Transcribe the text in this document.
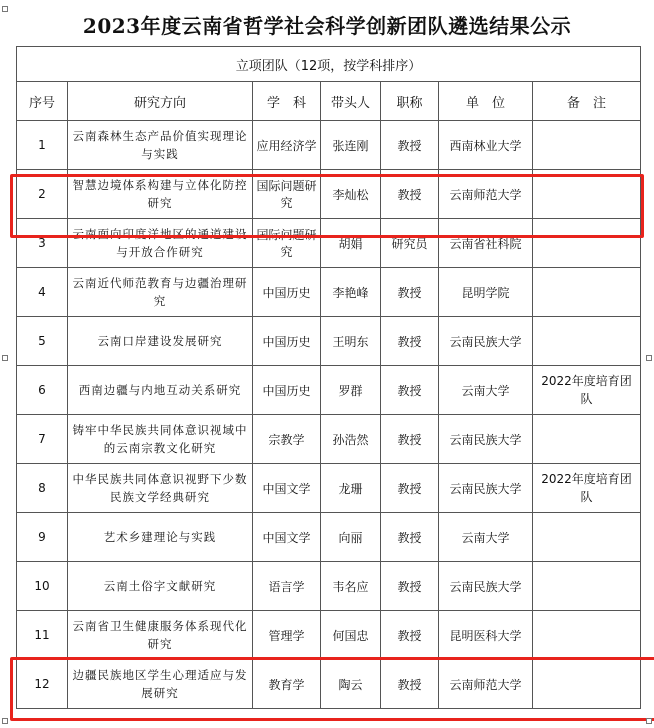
2023年度云南省哲学社会科学创新团队遴选结果公示
立项团队（12项，按学科排序）						
序号	研究方向	学　科	带头人	职称	单　位	备　注
1	云南森林生态产品价值实现理论与实践	应用经济学	张连刚	教授	西南林业大学	
2	智慧边境体系构建与立体化防控研究	国际问题研究	李灿松	教授	云南师范大学	
3	云南面向印度洋地区的通道建设与开放合作研究	国际问题研究	胡娟	研究员	云南省社科院	
4	云南近代师范教育与边疆治理研究	中国历史	李艳峰	教授	昆明学院	
5	云南口岸建设发展研究	中国历史	王明东	教授	云南民族大学	
6	西南边疆与内地互动关系研究	中国历史	罗群	教授	云南大学	2022年度培育团队
7	铸牢中华民族共同体意识视域中的云南宗教文化研究	宗教学	孙浩然	教授	云南民族大学	
8	中华民族共同体意识视野下少数民族文学经典研究	中国文学	龙珊	教授	云南民族大学	2022年度培育团队
9	艺术乡建理论与实践	中国文学	向丽	教授	云南大学	
10	云南土俗字文献研究	语言学	韦名应	教授	云南民族大学	
11	云南省卫生健康服务体系现代化研究	管理学	何国忠	教授	昆明医科大学	
12	边疆民族地区学生心理适应与发展研究	教育学	陶云	教授	云南师范大学	
